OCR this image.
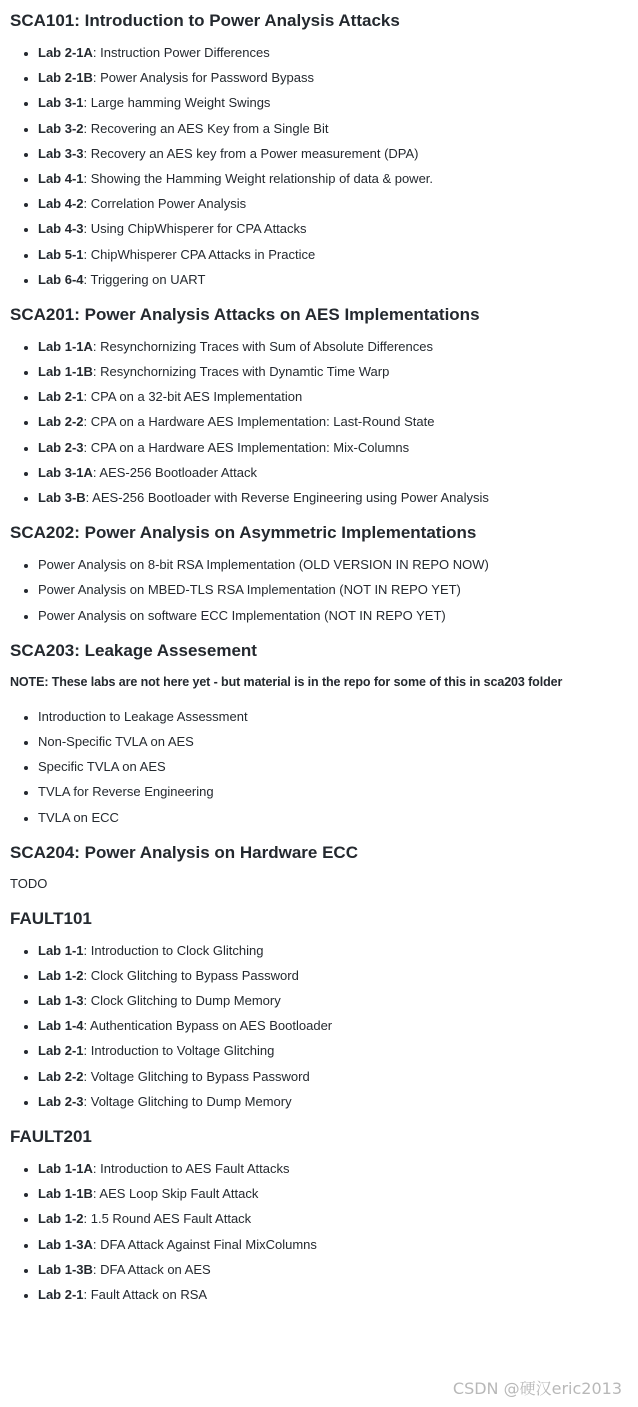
SCA101: Introduction to Power Analysis Attacks
• Lab 2-1A: Instruction Power Differences
• Lab 2-1B: Power Analysis for Password Bypass
• Lab 3-1: Large hamming Weight Swings
• Lab 3-2: Recovering an AES Key from a Single Bit
• Lab 3-3: Recovery an AES key from a Power measurement (DPA)
• Lab 4-1: Showing the Hamming Weight relationship of data & power.
• Lab 4-2: Correlation Power Analysis
• Lab 4-3: Using ChipWhisperer for CPA Attacks
• Lab 5-1: ChipWhisperer CPA Attacks in Practice
• Lab 6-4: Triggering on UART
SCA201: Power Analysis Attacks on AES Implementations
• Lab 1-1A: Resynchornizing Traces with Sum of Absolute Differences
• Lab 1-1B: Resynchornizing Traces with Dynamtic Time Warp
• Lab 2-1: CPA on a 32-bit AES Implementation
• Lab 2-2: CPA on a Hardware AES Implementation: Last-Round State
• Lab 2-3: CPA on a Hardware AES Implementation: Mix-Columns
• Lab 3-1A: AES-256 Bootloader Attack
• Lab 3-B: AES-256 Bootloader with Reverse Engineering using Power Analysis
SCA202: Power Analysis on Asymmetric Implementations
• Power Analysis on 8-bit RSA Implementation (OLD VERSION IN REPO NOW)
• Power Analysis on MBED-TLS RSA Implementation (NOT IN REPO YET)
• Power Analysis on software ECC Implementation (NOT IN REPO YET)
SCA203: Leakage Assesement

NOTE: These labs are not here yet - but material is in the repo for some of this in sca203 folder

• Introduction to Leakage Assessment
• Non-Specific TVLA on AES
• Specific TVLA on AES
• TVLA for Reverse Engineering
• TVLA on ECC
SCA204: Power Analysis on Hardware ECC

TODO

FAULT101
• Lab 1-1: Introduction to Clock Glitching
• Lab 1-2: Clock Glitching to Bypass Password
• Lab 1-3: Clock Glitching to Dump Memory
• Lab 1-4: Authentication Bypass on AES Bootloader
• Lab 2-1: Introduction to Voltage Glitching
• Lab 2-2: Voltage Glitching to Bypass Password
• Lab 2-3: Voltage Glitching to Dump Memory
FAULT201
• Lab 1-1A: Introduction to AES Fault Attacks
• Lab 1-1B: AES Loop Skip Fault Attack
• Lab 1-2: 1.5 Round AES Fault Attack
• Lab 1-3A: DFA Attack Against Final MixColumns
• Lab 1-3B: DFA Attack on AES
• Lab 2-1: Fault Attack on RSA
CSDN @硬汉eric2013
